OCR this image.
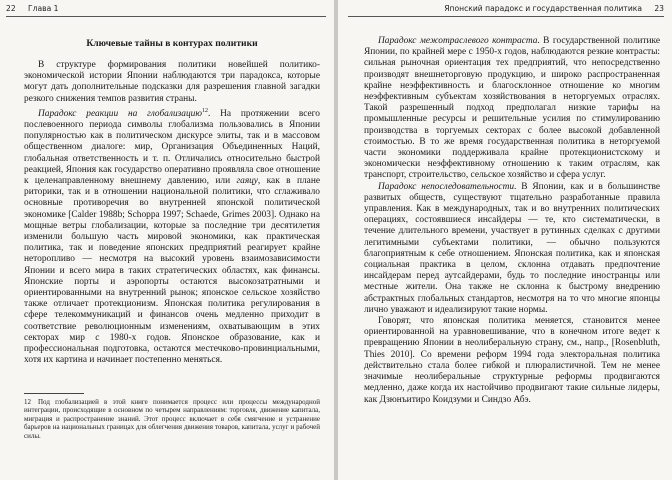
22 Глава 1
Ключевые тайны в контурах политики

В структуре формирования политики новейшей политико-экономической истории Японии наблюдаются три парадокса, которые могут дать дополнительные подсказки для разрешения главной загадки резкого снижения темпов развития страны.

Парадокс реакции на глобализацию$^{12}$. На протяжении всего послевоенного периода символы глобализма пользовались в Японии популярностью как в политическом дискурсе элиты, так и в массовом общественном диалоге: мир, Организация Объединенных Наций, глобальная ответственность и т. п. Отличались относительно быстрой реакцией, Япония как государство оперативно проявляла свое отношение к целенаправленному внешнему давлению, или гаяцу, как в плане риторики, так и в отношении национальной политики, что сглаживало основные противоречия во внутренней японской политической экономике [Calder 1988b; Schoppa 1997; Schaede, Grimes 2003]. Однако на мощные ветры глобализации, которые за последние три десятилетия изменили большую часть мировой экономики, как практическая политика, так и поведение японских предприятий реагирует крайне неторопливо — несмотря на высокий уровень взаимозависимости Японии и всего мира в таких стратегических областях, как финансы. Японские порты и аэропорты остаются высокозатратными и ориентированными на внутренний рынок; японское сельское хозяйство также отличает протекционизм. Японская политика регулирования в сфере телекоммуникаций и финансов очень медленно приходит в соответствие революционным изменениям, охватывающим в этих секторах мир с 1980-х годов. Японское образование, как и профессиональная подготовка, остаются местечково-провинциальными, хотя их картина и начинает постепенно меняться.

12 Под глобализацией в этой книге понимается процесс или процессы международной интеграции, происходящие в основном по четырем направлениям: торговля, движение капитала, миграция и распространение знаний. Этот процесс включает в себя смягчение и устранение барьеров на национальных границах для облегчения движения товаров, капитала, услуг и рабочей силы.
Японский парадокс и государственная политика 23

Парадокс межотраслевого контраста. В государственной политике Японии, по крайней мере с 1950-х годов, наблюдаются резкие контрасты: сильная рыночная ориентация тех предприятий, что непосредственно производят внешнеторговую продукцию, и широко распространенная крайне неэффективность и благосклонное отношение ко многим неэффективным субъектам хозяйствования в неторгуемых отраслях. Такой разрешенный подход предполагал низкие тарифы на промышленные ресурсы и решительные усилия по стимулированию производства в торгуемых секторах с более высокой добавленной стоимостью. В то же время государственная политика в неторгуемой части экономики поддерживала крайне протекционистскому и экономически неэффективному отношению к таким отраслям, как транспорт, строительство, сельское хозяйство и сфера услуг.

Парадокс непоследовательности. В Японии, как и в большинстве развитых обществ, существуют тщательно разработанные правила управления. Как в международных, так и во внутренних политических операциях, состоявшиеся инсайдеры — те, кто систематически, в течение длительного времени, участвует в рутинных сделках с другими легитимными субъектами политики, — обычно пользуются благоприятным к себе отношением. Японская политика, как и японская социальная практика в целом, склонна отдавать предпочтение инсайдерам перед аутсайдерами, будь то последние иностранцы или местные жители. Она также не склонна к быстрому внедрению абстрактных глобальных стандартов, несмотря на то что многие японцы лично уважают и идеализируют такие нормы.

Говорят, что японская политика меняется, становится менее ориентированной на уравновешивание, что в конечном итоге ведет к превращению Японии в неолиберальную страну, см., напр., [Rosenbluth, Thies 2010]. Со времени реформ 1994 года электоральная политика действительно стала более гибкой и плюралистичной. Тем не менее значимые неолиберальные структурные реформы продвигаются медленно, даже когда их настойчиво продвигают такие сильные лидеры, как Дзюнъитиро Коидзуми и Синдзо Абэ.
